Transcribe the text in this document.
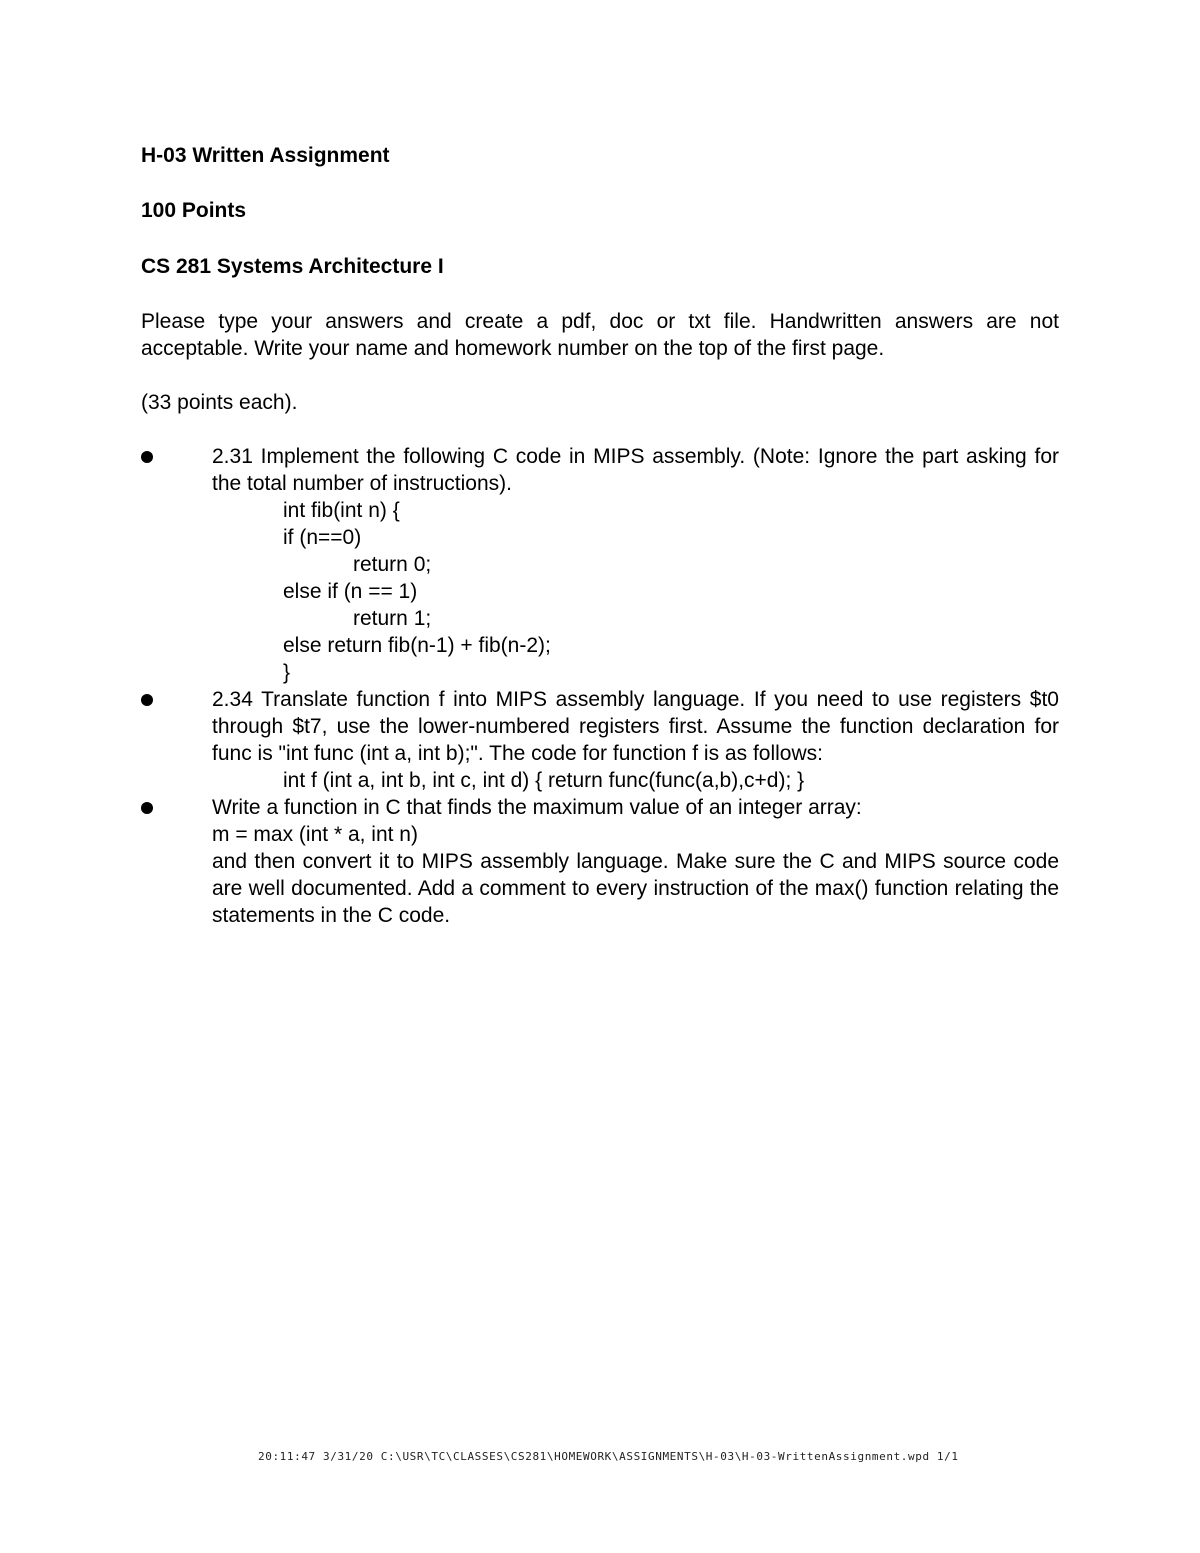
H-03 Written Assignment
100 Points
CS 281 Systems Architecture I

Please type your answers and create a pdf, doc or txt file. Handwritten answers are not acceptable. Write your name and homework number on the top of the first page.

(33 points each).

2.31 Implement the following C code in MIPS assembly. (Note: Ignore the part asking for the total number of instructions).

int fib(int n) {

if (n==0)

return 0;

else if (n == 1)

return 1;

else return fib(n-1) + fib(n-2);

}

2.34 Translate function f into MIPS assembly language. If you need to use registers $t0 through $t7, use the lower-numbered registers first. Assume the function declaration for func is "int func (int a, int b);". The code for function f is as follows:

int f (int a, int b, int c, int d) { return func(func(a,b),c+d); }

Write a function in C that finds the maximum value of an integer array:

m = max (int * a, int n)

and then convert it to MIPS assembly language. Make sure the C and MIPS source code are well documented. Add a comment to every instruction of the max() function relating the statements in the C code.

20:11:47 3/31/20 C:\USR\TC\CLASSES\CS281\HOMEWORK\ASSIGNMENTS\H-03\H-03-WrittenAssignment.wpd 1/1
